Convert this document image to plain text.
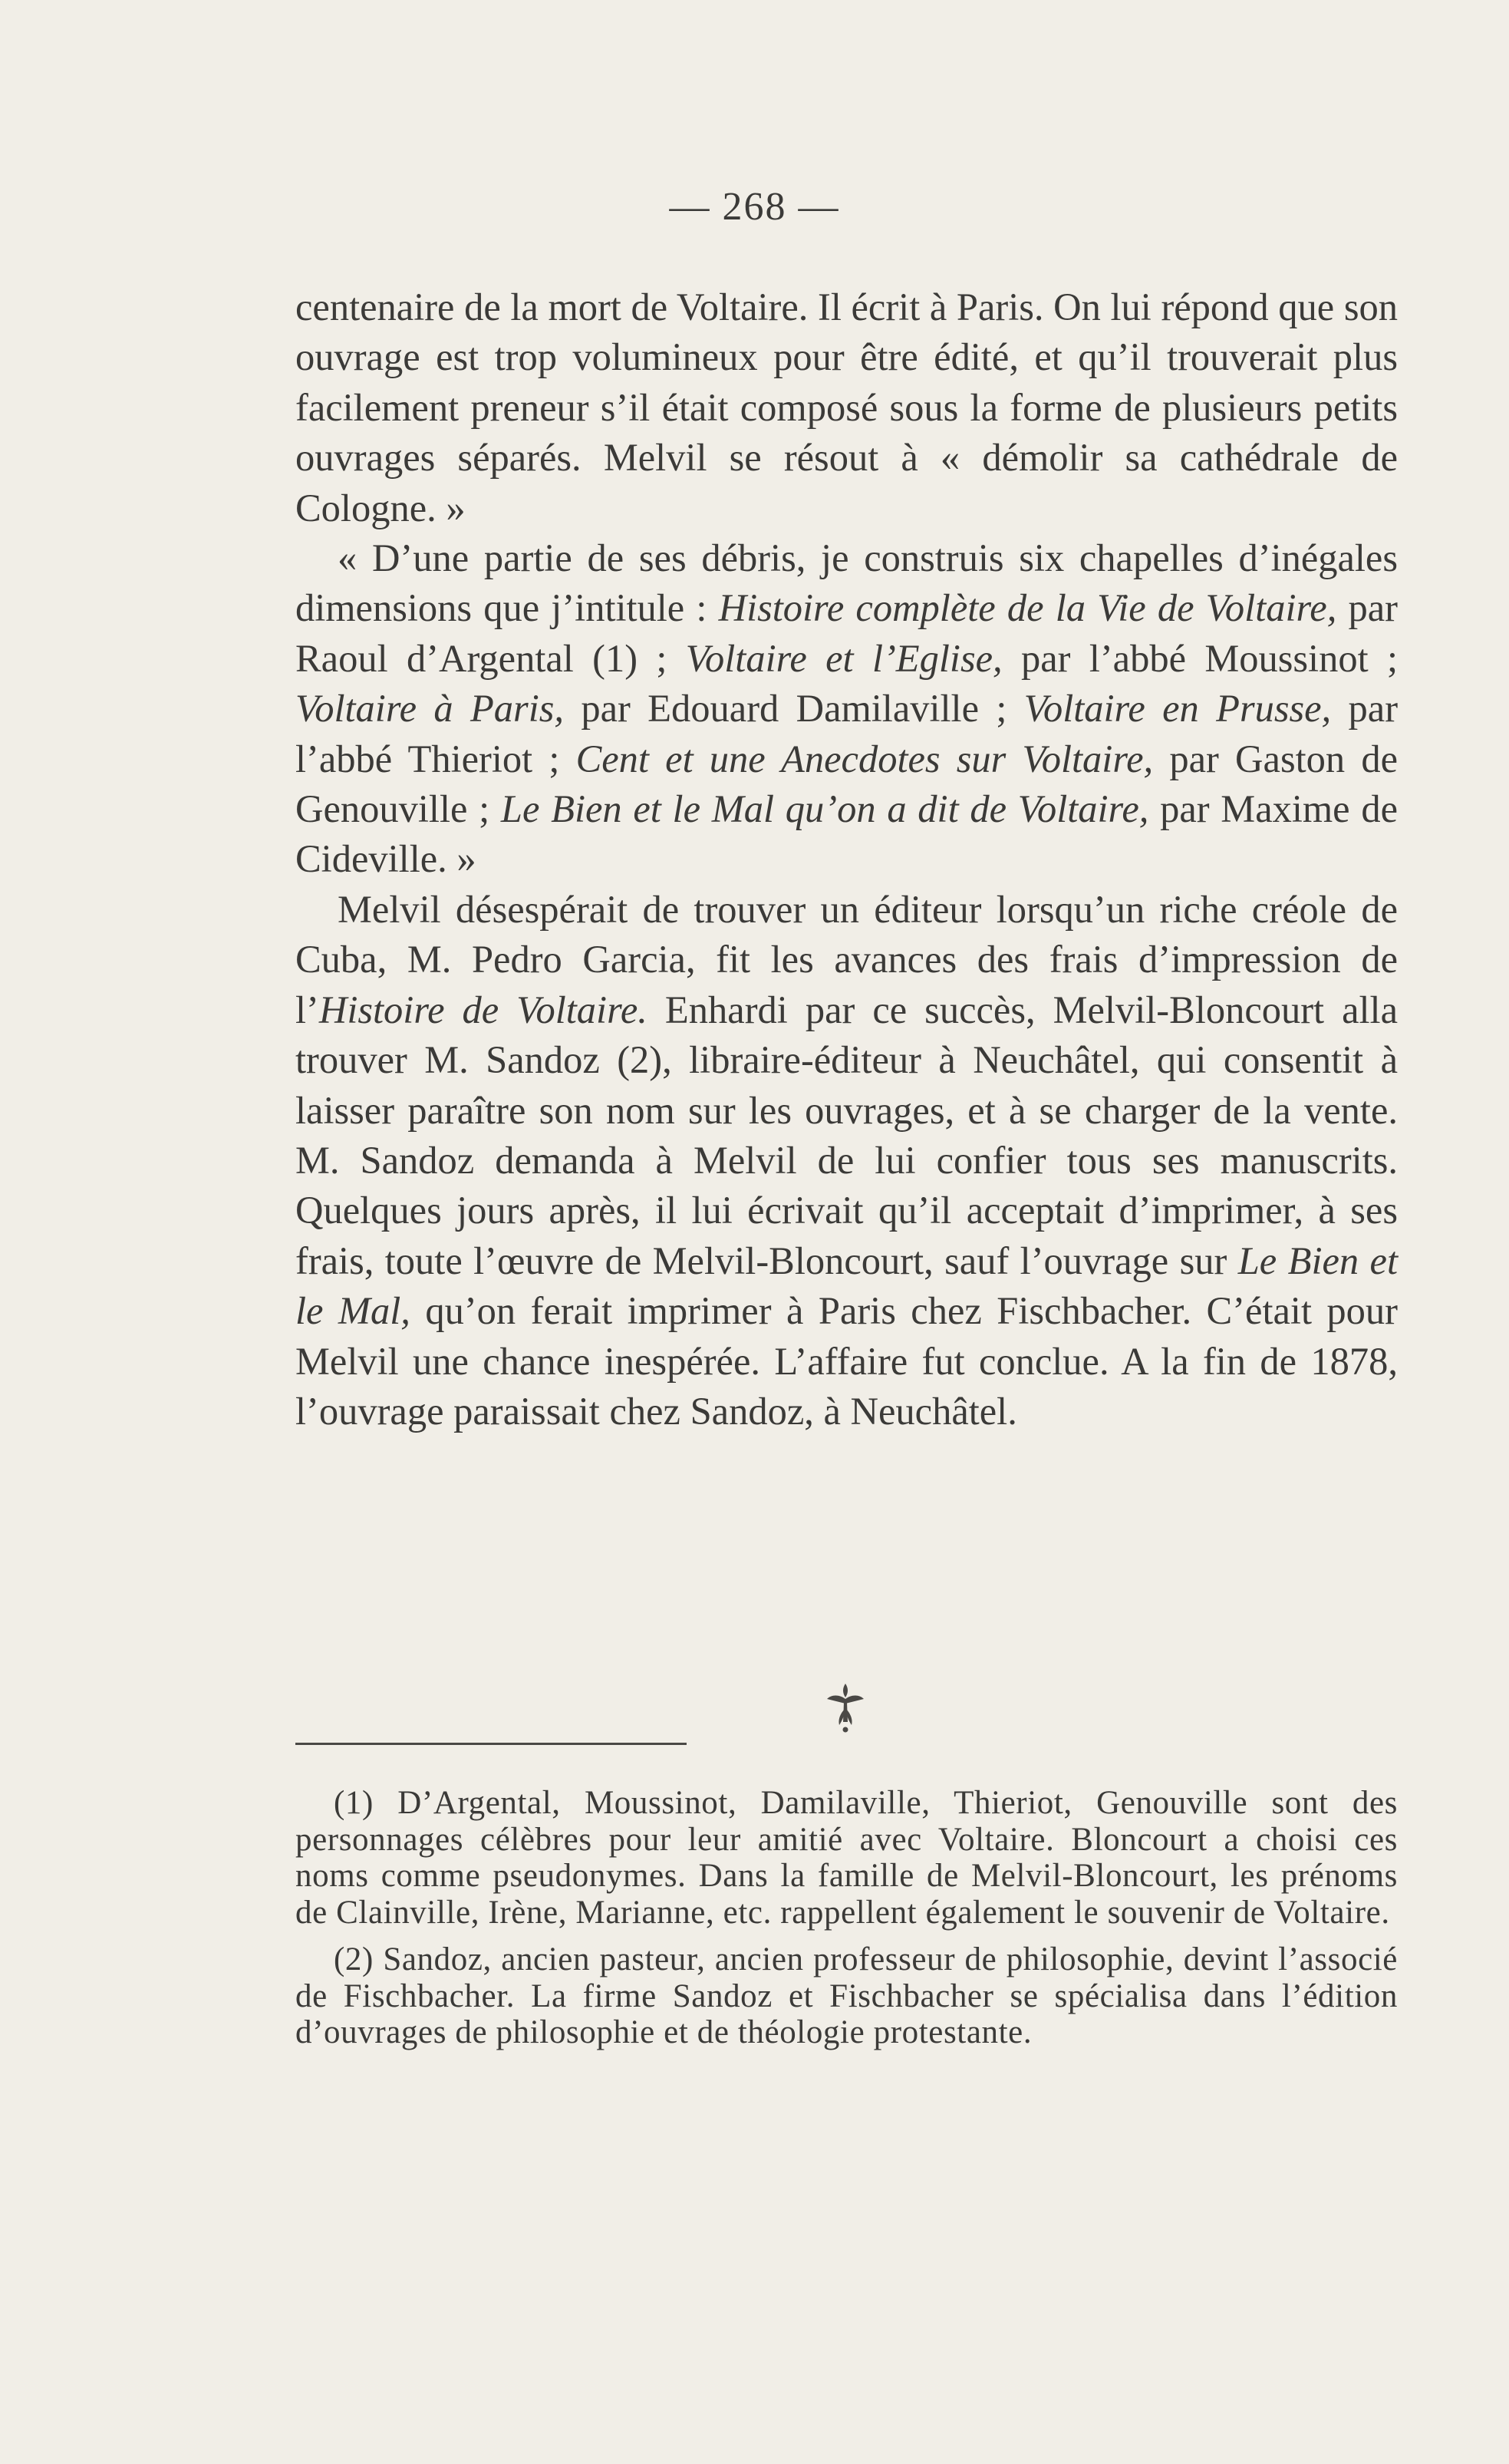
— 268 —

centenaire de la mort de Voltaire. Il écrit à Paris. On lui répond que son ouvrage est trop volumineux pour être édité, et qu’il trouverait plus facilement preneur s’il était composé sous la forme de plusieurs petits ouvrages séparés. Melvil se résout à « démolir sa cathédrale de Cologne. »

« D’une partie de ses débris, je construis six chapelles d’inégales dimensions que j’intitule : Histoire complète de la Vie de Voltaire, par Raoul d’Argental (1) ; Voltaire et l’Eglise, par l’abbé Moussinot ; Voltaire à Paris, par Edouard Damilaville ; Voltaire en Prusse, par l’abbé Thieriot ; Cent et une Anecdotes sur Voltaire, par Gaston de Genouville ; Le Bien et le Mal qu’on a dit de Voltaire, par Maxime de Cideville. »

Melvil désespérait de trouver un éditeur lorsqu’un riche créole de Cuba, M. Pedro Garcia, fit les avances des frais d’impression de l’Histoire de Voltaire. Enhardi par ce succès, Melvil-Bloncourt alla trouver M. Sandoz (2), libraire-éditeur à Neuchâtel, qui consentit à laisser paraître son nom sur les ouvrages, et à se charger de la vente. M. Sandoz demanda à Melvil de lui confier tous ses manuscrits. Quelques jours après, il lui écrivait qu’il acceptait d’imprimer, à ses frais, toute l’œuvre de Melvil-Bloncourt, sauf l’ouvrage sur Le Bien et le Mal, qu’on ferait imprimer à Paris chez Fischbacher. C’était pour Melvil une chance inespérée. L’affaire fut conclue. A la fin de 1878, l’ouvrage paraissait chez Sandoz, à Neuchâtel.

(1) D’Argental, Moussinot, Damilaville, Thieriot, Genouville sont des personnages célèbres pour leur amitié avec Voltaire. Bloncourt a choisi ces noms comme pseudonymes. Dans la famille de Melvil-Bloncourt, les prénoms de Clainville, Irène, Marianne, etc. rappellent également le souvenir de Voltaire.

(2) Sandoz, ancien pasteur, ancien professeur de philosophie, devint l’associé de Fischbacher. La firme Sandoz et Fischbacher se spécialisa dans l’édition d’ouvrages de philosophie et de théologie protestante.
